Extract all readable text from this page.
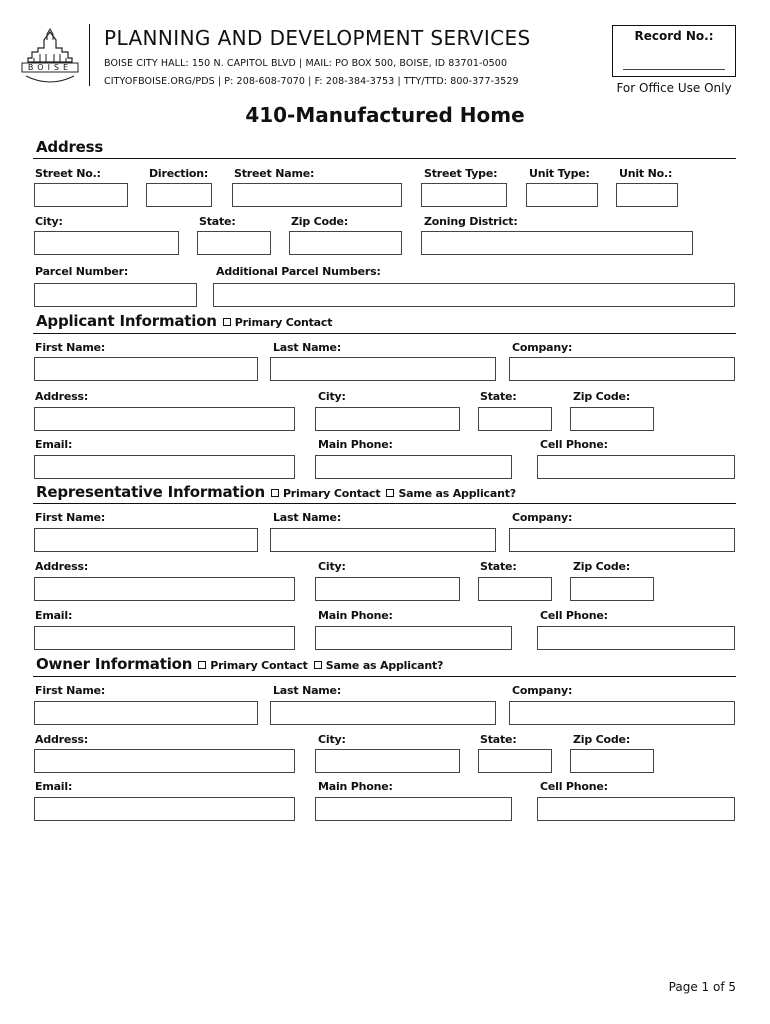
BOISE
PLANNING AND DEVELOPMENT SERVICES
BOISE CITY HALL: 150 N. CAPITOL BLVD | MAIL: PO BOX 500, BOISE, ID 83701-0500
CITYOFBOISE.ORG/PDS | P: 208-608-7070 | F: 208-384-3753 | TTY/TTD: 800-377-3529
Record No.:
For Office Use Only
410-Manufactured Home
Address
Street No.:	Direction: Street Name:	Street Type:	Unit Type:	Unit No.:
City:	State:	Zip Code:	Zoning District:
Parcel Number:	Additional Parcel Numbers:
Applicant Information Primary Contact
First Name:	Last Name:	Company:
Address:	City:	State:	Zip Code:
Email:	Main Phone:	Cell Phone:
Representative Information Primary Contact Same as Applicant?
First Name:	Last Name:	Company:
Address:	City:	State:	Zip Code:
Email:	Main Phone:	Cell Phone:
Owner Information Primary Contact Same as Applicant?
First Name:	Last Name:	Company:
Address:	City:	State:	Zip Code:
Email:	Main Phone:	Cell Phone:
Page 1 of 5
